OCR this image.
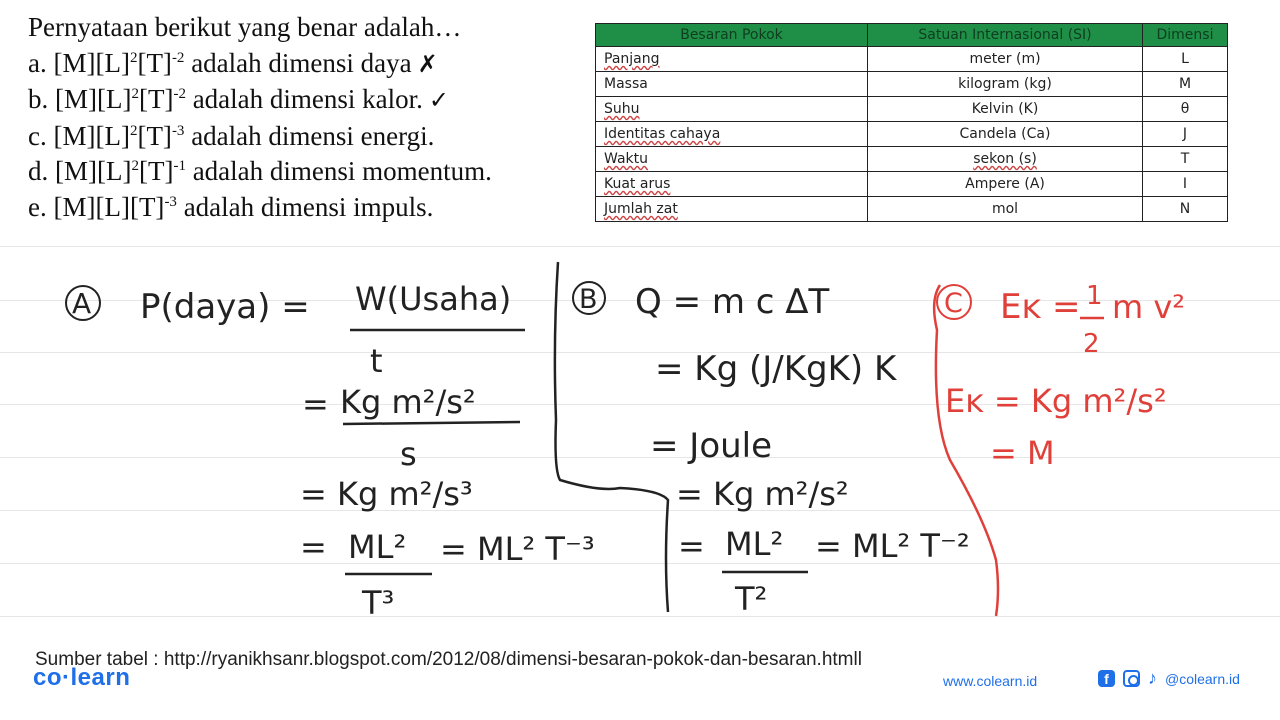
Pernyataan berikut yang benar adalah…
a. $[M][L]^2[T]^{-2}$ adalah dimensi daya ✗
b. $[M][L]^2[T]^{-2}$ adalah dimensi kalor. ✓
c. $[M][L]^2[T]^{-3}$ adalah dimensi energi.
d. $[M][L]^2[T]^{-1}$ adalah dimensi momentum.
e. $[M][L][T]^{-3}$ adalah dimensi impuls.
Besaran Pokok	Satuan Internasional (SI)	Dimensi
Panjang	meter (m)	L
Massa	kilogram (kg)	M
Suhu	Kelvin (K)	θ
Identitas cahaya	Candela (Ca)	J
Waktu	sekon (s)	T
Kuat arus	Ampere (A)	I
Jumlah zat	mol	N
A P(daya) = W(Usaha)
t
= Kg m²/s²
s
= Kg m²/s³
= ML²
T³
= ML² T⁻³
B Q = m c ΔT
= Kg (J/KgK) K
= Joule
= Kg m²/s²
= ML²
T²
= ML² T⁻²
C Eᴋ = 1
2
m v²
Eᴋ = Kg m²/s²
= M
Sumber tabel : http://ryanikhsanr.blogspot.com/2012/08/dimensi-besaran-pokok-dan-besaran.htmll
co·learn	www.colearn.id	f	♪ @colearn.id
